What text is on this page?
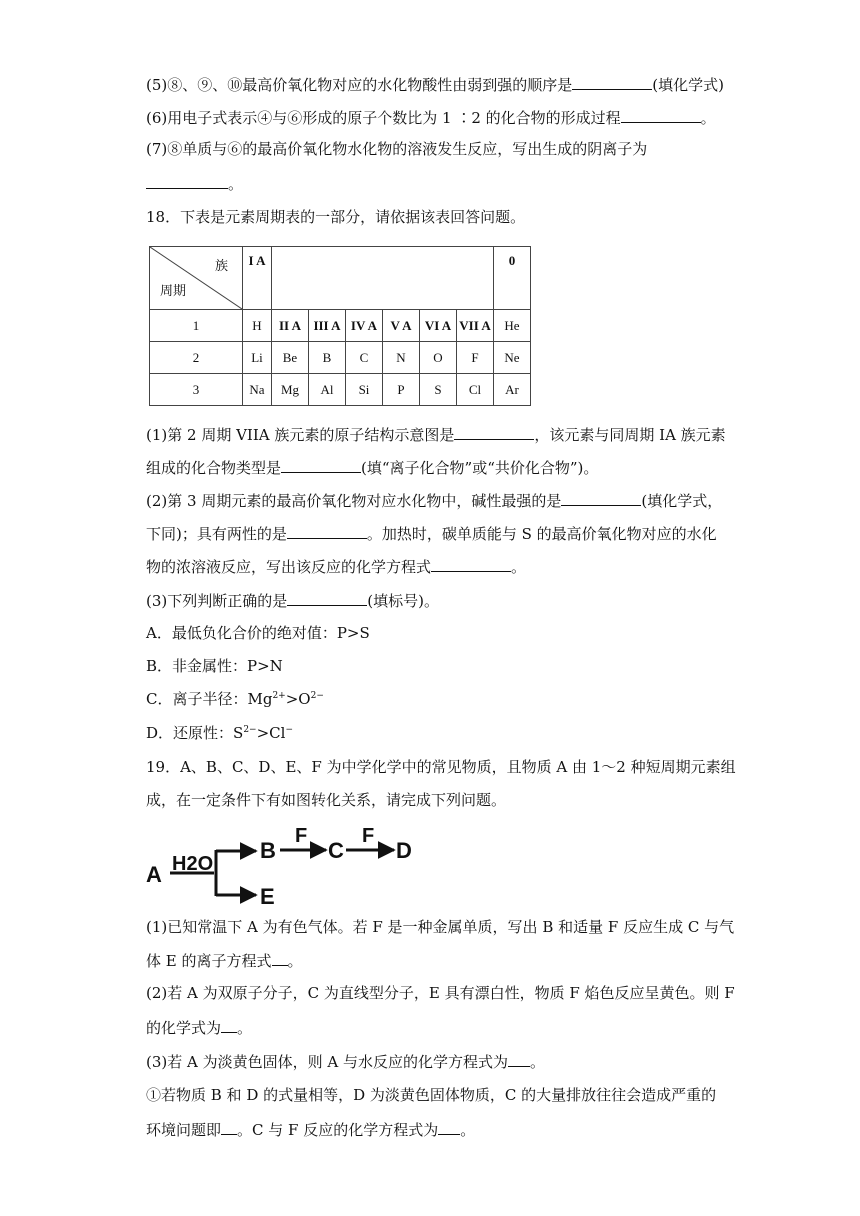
(5)⑧、⑨、⑩最高价氧化物对应的水化物酸性由弱到强的顺序是	(填化学式)
(6)用电子式表示④与⑥形成的原子个数比为 1 ∶2 的化合物的形成过程	。
(7)⑧单质与⑥的最高价氧化物水化物的溶液发生反应，写出生成的阴离子为
。
18．下表是元素周期表的一部分，请依据该表回答问题。
族
周期	I A							0

1	H	II A	III A	IV A	V A	VI A	VII A	He
2	Li	Be	B	C	N	O	F	Ne
3	Na	Mg	Al	Si	P	S	Cl	Ar
(1)第 2 周期 VIIA 族元素的原子结构示意图是	，该元素与同周期 IA 族元素
组成的化合物类型是	(填“离子化合物”或“共价化合物”)。
(2)第 3 周期元素的最高价氧化物对应水化物中，碱性最强的是	(填化学式，
下同)；具有两性的是	。加热时，碳单质能与 S 的最高价氧化物对应的水化
物的浓溶液反应，写出该反应的化学方程式	。
(3)下列判断正确的是	(填标号)。
A．最低负化合价的绝对值：P>S
B．非金属性：P>N
C．离子半径：$Mg^{2+}>O^{2-}$
D．还原性：$S^{2-}>Cl^-$
19．A、B、C、D、E、F 为中学化学中的常见物质，且物质 A 由 1～2 种短周期元素组
成，在一定条件下有如图转化关系，请完成下列问题。
A H2O
B C D
E
F	F
(1)已知常温下 A 为有色气体。若 F 是一种金属单质，写出 B 和适量 F 反应生成 C 与气
体 E 的离子方程式 。
(2)若 A 为双原子分子，C 为直线型分子，E 具有漂白性，物质 F 焰色反应呈黄色。则 F
的化学式为 。
(3)若 A 为淡黄色固体，则 A 与水反应的化学方程式为 。
①若物质 B 和 D 的式量相等，D 为淡黄色固体物质，C 的大量排放往往会造成严重的
环境问题即 。C 与 F 反应的化学方程式为 。
